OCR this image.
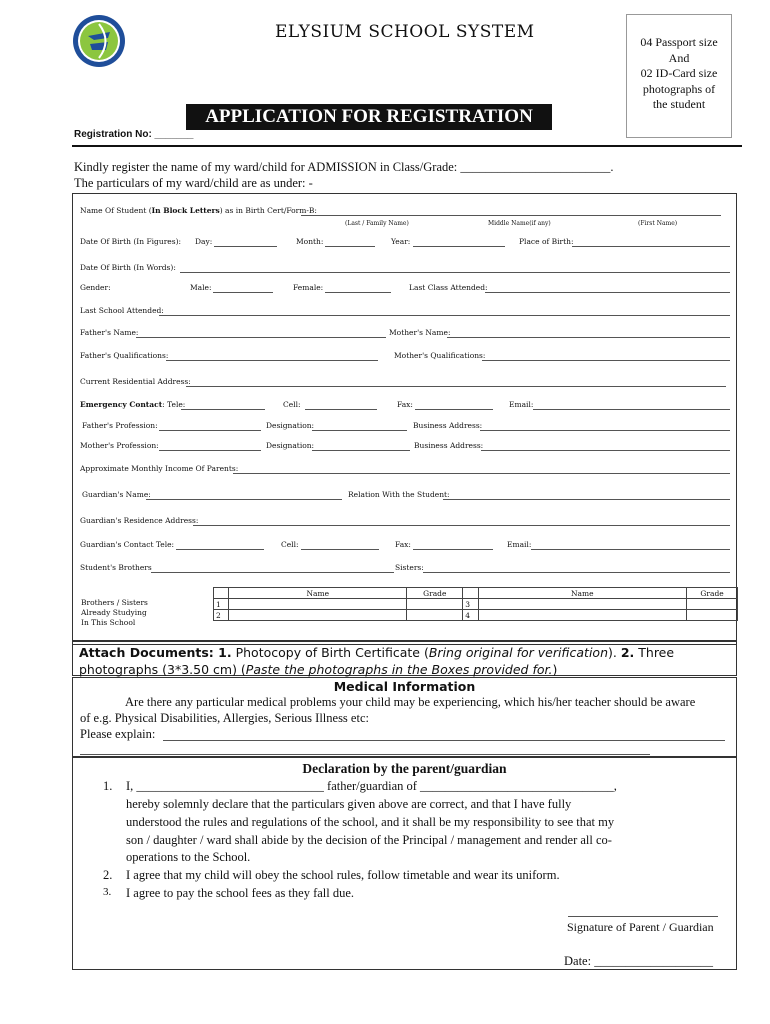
ELYSIUM SCHOOL SYSTEM	04 Passport size
And
02 ID-Card size
photographs of
the student
APPLICATION FOR REGISTRATION
Registration No: _______
Kindly register the name of my ward/child for ADMISSION in Class/Grade: ________________________.
The particulars of my ward/child are as under: -
Name Of Student (In Block Letters) as in Birth Cert/Form-B:
(Last / Family Name)	Middle Name(if any)	(First Name)
Date Of Birth (In Figures): Day:	Month:	Year:	Place of Birth:
Date Of Birth (In Words):
Gender:	Male:	Female:	Last Class Attended:
Last School Attended:
Father's Name:	Mother's Name:
Father's Qualifications:	Mother's Qualifications:
Current Residential Address:
Emergency Contact: Tele:	Cell:	Fax:	Email:
Father's Profession:	Designation:	Business Address:
Mother's Profession:	Designation:	Business Address:
Approximate Monthly Income Of Parents:
Guardian's Name:	Relation With the Student:
Guardian's Residence Address:
Guardian's Contact Tele:	Cell:	Fax:	Email:
Student's Brothers	Sisters:
Brothers / Sisters
Already Studying
In This School
	Name	Grade		Name	Grade
1			3		
2			4		
Attach Documents: 1. Photocopy of Birth Certificate (Bring original for verification). 2. Three photographs (3*3.50 cm) (Paste the photographs in the Boxes provided for.)
Medical Information
Are there any particular medical problems your child may be experiencing, which his/her teacher should be aware
of e.g. Physical Disabilities, Allergies, Serious Illness etc:
Please explain:
Declaration by the parent/guardian
1. I, ______________________________ father/guardian of _______________________________,
hereby solemnly declare that the particulars given above are correct, and that I have fully
understood the rules and regulations of the school, and it shall be my responsibility to see that my
son / daughter / ward shall abide by the decision of the Principal / management and render all co-
operations to the School.
2. I agree that my child will obey the school rules, follow timetable and wear its uniform.
3. I agree to pay the school fees as they fall due.
Signature of Parent / Guardian
Date: ___________________
